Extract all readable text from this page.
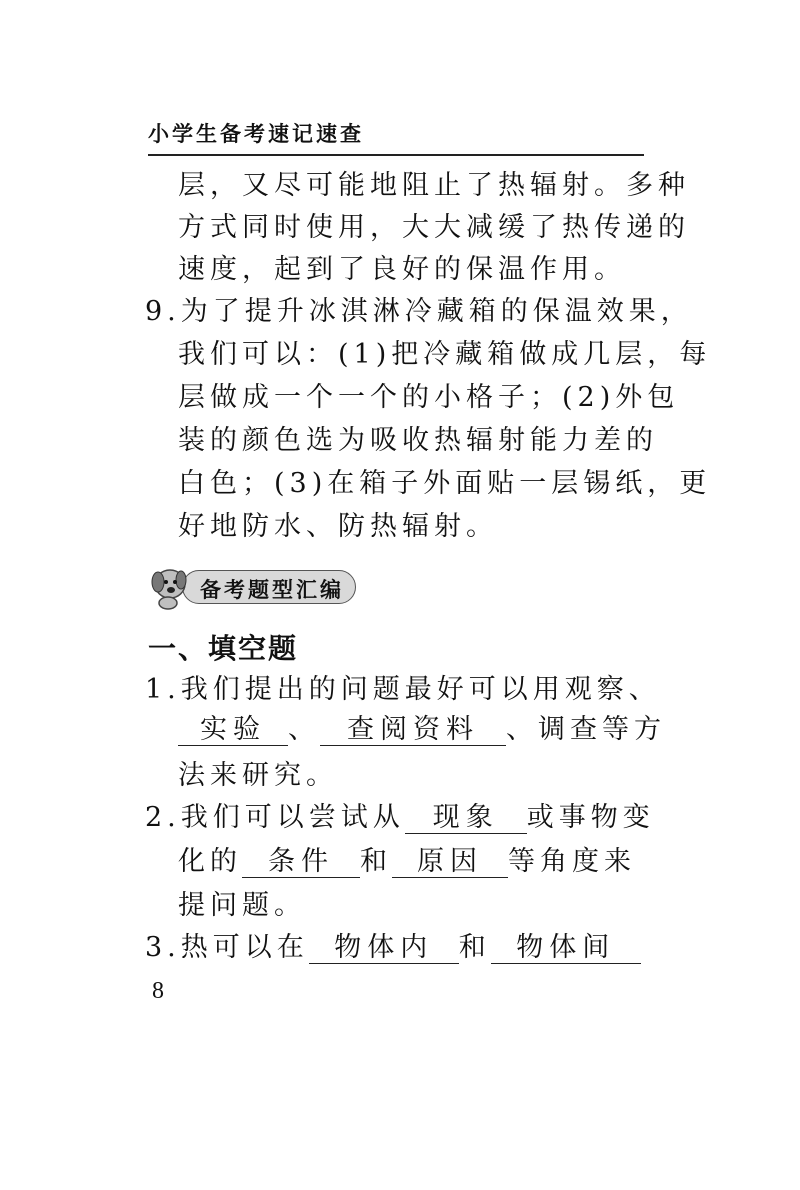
小学生备考速记速查
层，又尽可能地阻止了热辐射。多种
方式同时使用，大大减缓了热传递的
速度，起到了良好的保温作用。
9.为了提升冰淇淋冷藏箱的保温效果，
我们可以：(1)把冷藏箱做成几层，每
层做成一个一个的小格子；(2)外包
装的颜色选为吸收热辐射能力差的
白色；(3)在箱子外面贴一层锡纸，更
好地防水、防热辐射。
备考题型汇编
一、填空题
1.我们提出的问题最好可以用观察、
实验 、 查阅资料 、调查等方
法来研究。
2.我们可以尝试从 现象 或事物变
化的 条件 和 原因 等角度来
提问题。
3.热可以在 物体内 和 物体间
8
